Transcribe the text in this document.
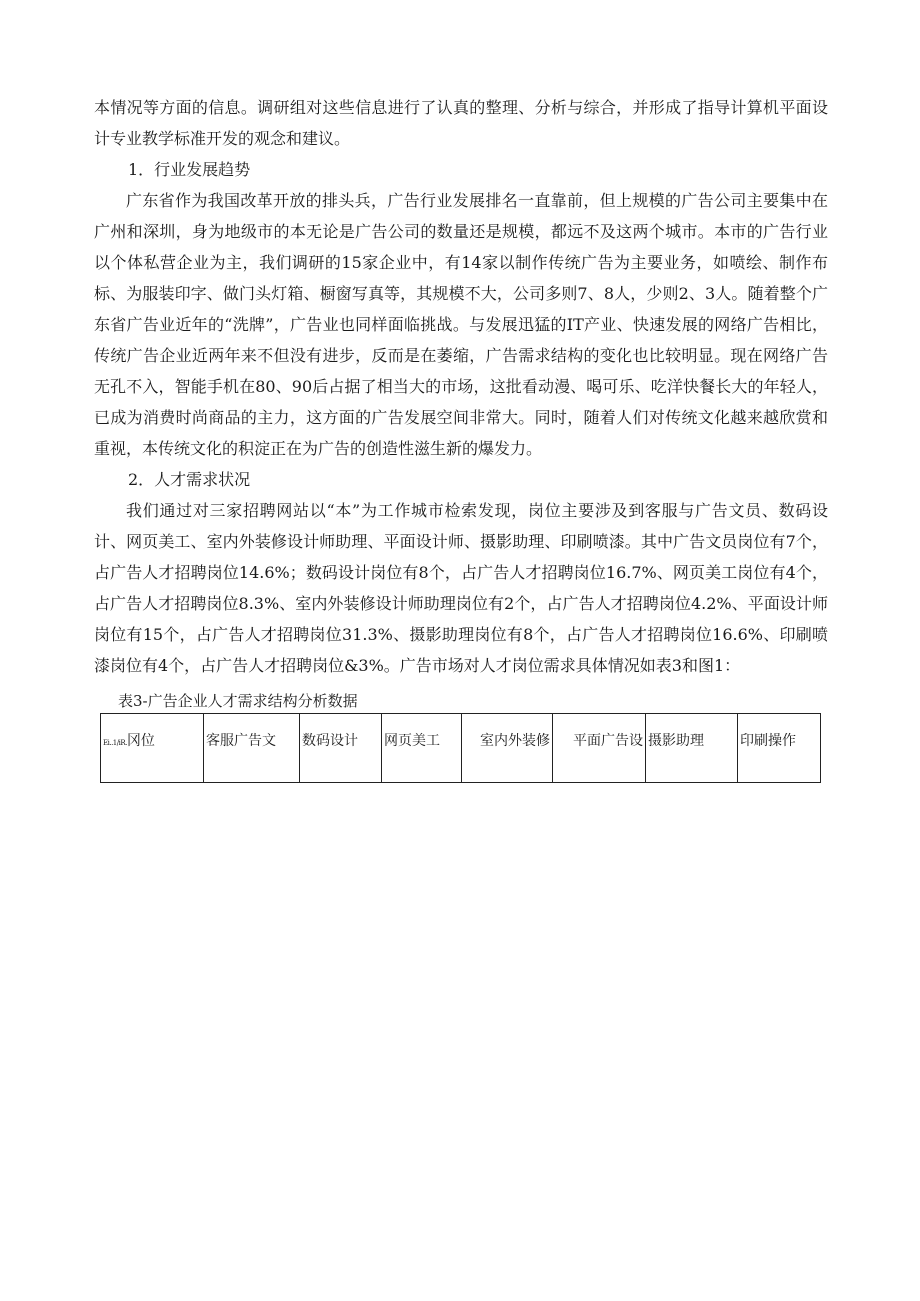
本情况等方面的信息。调研组对这些信息进行了认真的整理、分析与综合，并形成了指导计算机平面设计专业教学标准开发的观念和建议。

1．行业发展趋势

广东省作为我国改革开放的排头兵，广告行业发展排名一直靠前，但上规模的广告公司主要集中在广州和深圳，身为地级市的本无论是广告公司的数量还是规模，都远不及这两个城市。本市的广告行业以个体私营企业为主，我们调研的15家企业中，有14家以制作传统广告为主要业务，如喷绘、制作布标、为服装印字、做门头灯箱、橱窗写真等，其规模不大，公司多则7、8人，少则2、3人。随着整个广东省广告业近年的“洗牌”，广告业也同样面临挑战。与发展迅猛的IT产业、快速发展的网络广告相比，传统广告企业近两年来不但没有进步，反而是在萎缩，广告需求结构的变化也比较明显。现在网络广告无孔不入，智能手机在80、90后占据了相当大的市场，这批看动漫、喝可乐、吃洋快餐长大的年轻人，已成为消费时尚商品的主力，这方面的广告发展空间非常大。同时，随着人们对传统文化越来越欣赏和重视，本传统文化的积淀正在为广告的创造性滋生新的爆发力。

2．人才需求状况

我们通过对三家招聘网站以“本”为工作城市检索发现，岗位主要涉及到客服与广告文员、数码设计、网页美工、室内外装修设计师助理、平面设计师、摄影助理、印刷喷漆。其中广告文员岗位有7个，占广告人才招聘岗位14.6%；数码设计岗位有8个，占广告人才招聘岗位16.7%、网页美工岗位有4个，占广告人才招聘岗位8.3%、室内外装修设计师助理岗位有2个，占广告人才招聘岗位4.2%、平面设计师岗位有15个，占广告人才招聘岗位31.3%、摄影助理岗位有8个，占广告人才招聘岗位16.6%、印刷喷漆岗位有4个，占广告人才招聘岗位&3%。广告市场对人才岗位需求具体情况如表3和图1：

表3-广告企业人才需求结构分析数据
Ei..1/iR.冈位	客服广告文	数码设计	网页美工	室内外装修	平面广告设	摄影助理	印刷操作
